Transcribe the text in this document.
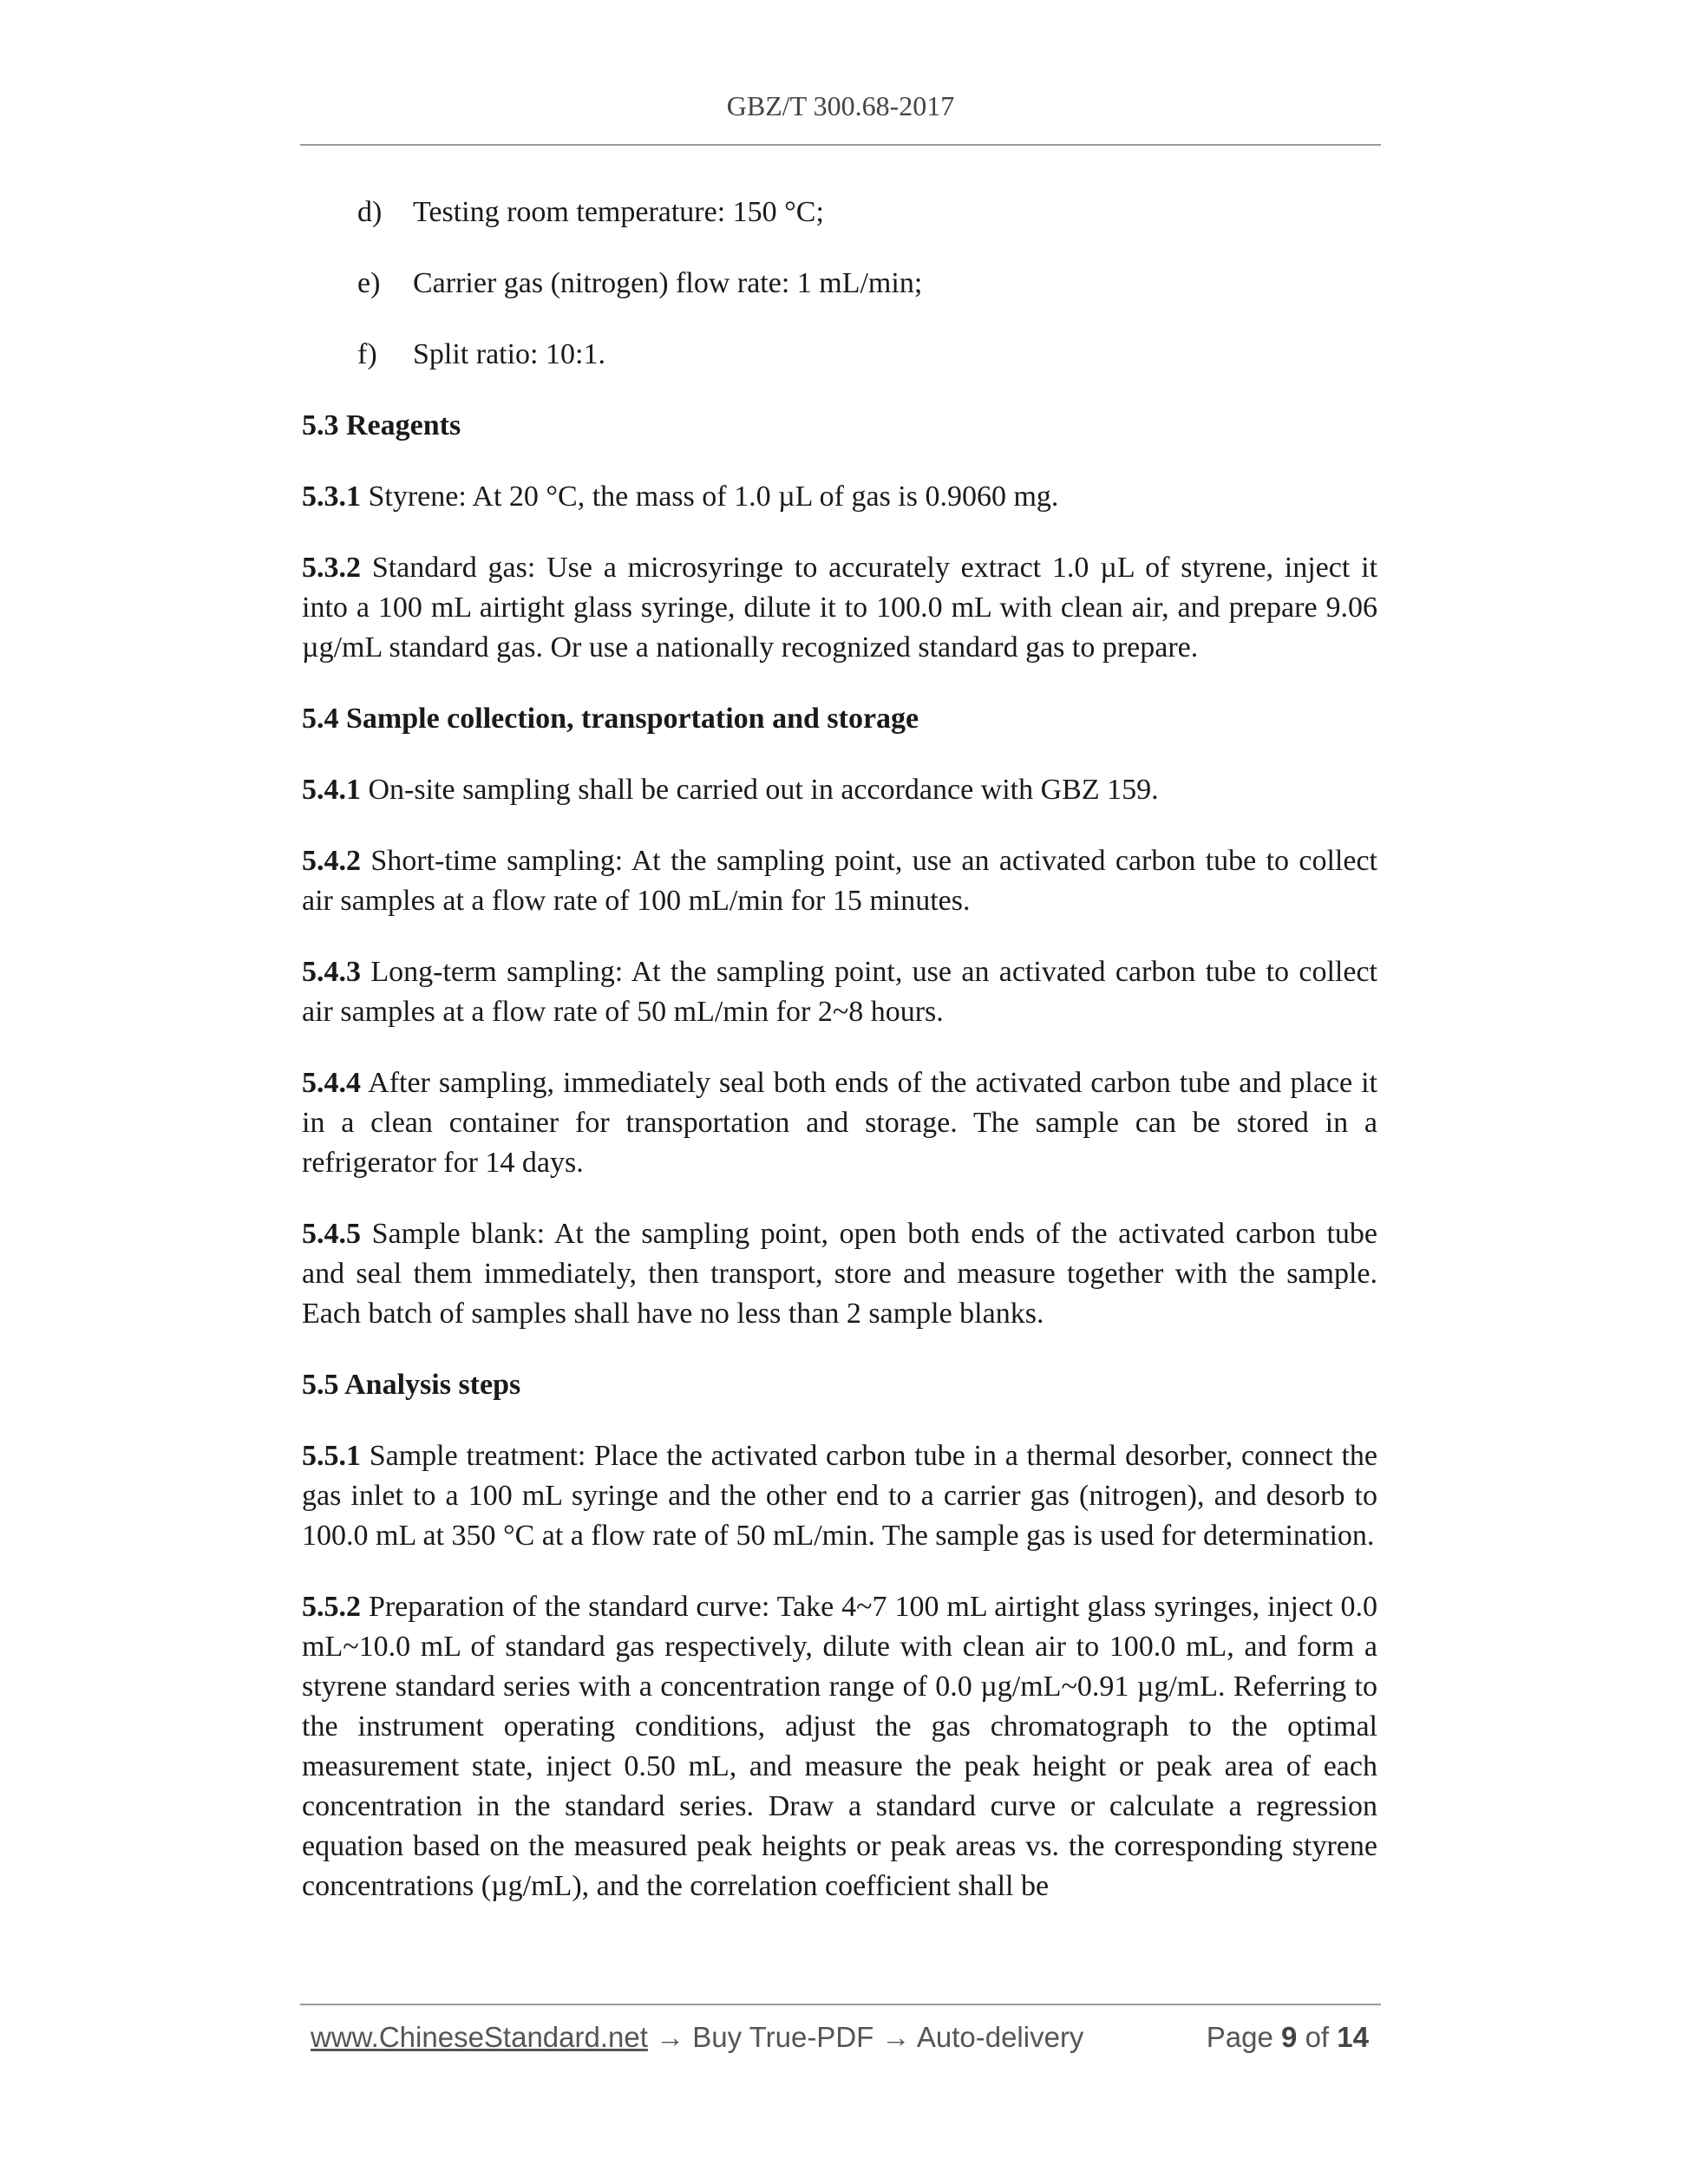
GBZ/T 300.68-2017
d)	Testing room temperature: 150 °C;
e)	Carrier gas (nitrogen) flow rate: 1 mL/min;
f)	Split ratio: 10:1.
5.3 Reagents

5.3.1 Styrene: At 20 °C, the mass of 1.0 µL of gas is 0.9060 mg.

5.3.2 Standard gas: Use a microsyringe to accurately extract 1.0 µL of styrene, inject it into a 100 mL airtight glass syringe, dilute it to 100.0 mL with clean air, and prepare 9.06 µg/mL standard gas. Or use a nationally recognized standard gas to prepare.

5.4 Sample collection, transportation and storage

5.4.1 On-site sampling shall be carried out in accordance with GBZ 159.

5.4.2 Short-time sampling: At the sampling point, use an activated carbon tube to collect air samples at a flow rate of 100 mL/min for 15 minutes.

5.4.3 Long-term sampling: At the sampling point, use an activated carbon tube to collect air samples at a flow rate of 50 mL/min for 2~8 hours.

5.4.4 After sampling, immediately seal both ends of the activated carbon tube and place it in a clean container for transportation and storage. The sample can be stored in a refrigerator for 14 days.

5.4.5 Sample blank: At the sampling point, open both ends of the activated carbon tube and seal them immediately, then transport, store and measure together with the sample. Each batch of samples shall have no less than 2 sample blanks.

5.5 Analysis steps

5.5.1 Sample treatment: Place the activated carbon tube in a thermal desorber, connect the gas inlet to a 100 mL syringe and the other end to a carrier gas (nitrogen), and desorb to 100.0 mL at 350 °C at a flow rate of 50 mL/min. The sample gas is used for determination.

5.5.2 Preparation of the standard curve: Take 4~7 100 mL airtight glass syringes, inject 0.0 mL~10.0 mL of standard gas respectively, dilute with clean air to 100.0 mL, and form a styrene standard series with a concentration range of 0.0 µg/mL~0.91 µg/mL. Referring to the instrument operating conditions, adjust the gas chromatograph to the optimal measurement state, inject 0.50 mL, and measure the peak height or peak area of each concentration in the standard series. Draw a standard curve or calculate a regression equation based on the measured peak heights or peak areas vs. the corresponding styrene concentrations (µg/mL), and the correlation coefficient shall be

www.ChineseStandard.net → Buy True-PDF → Auto-delivery	Page 9 of 14
